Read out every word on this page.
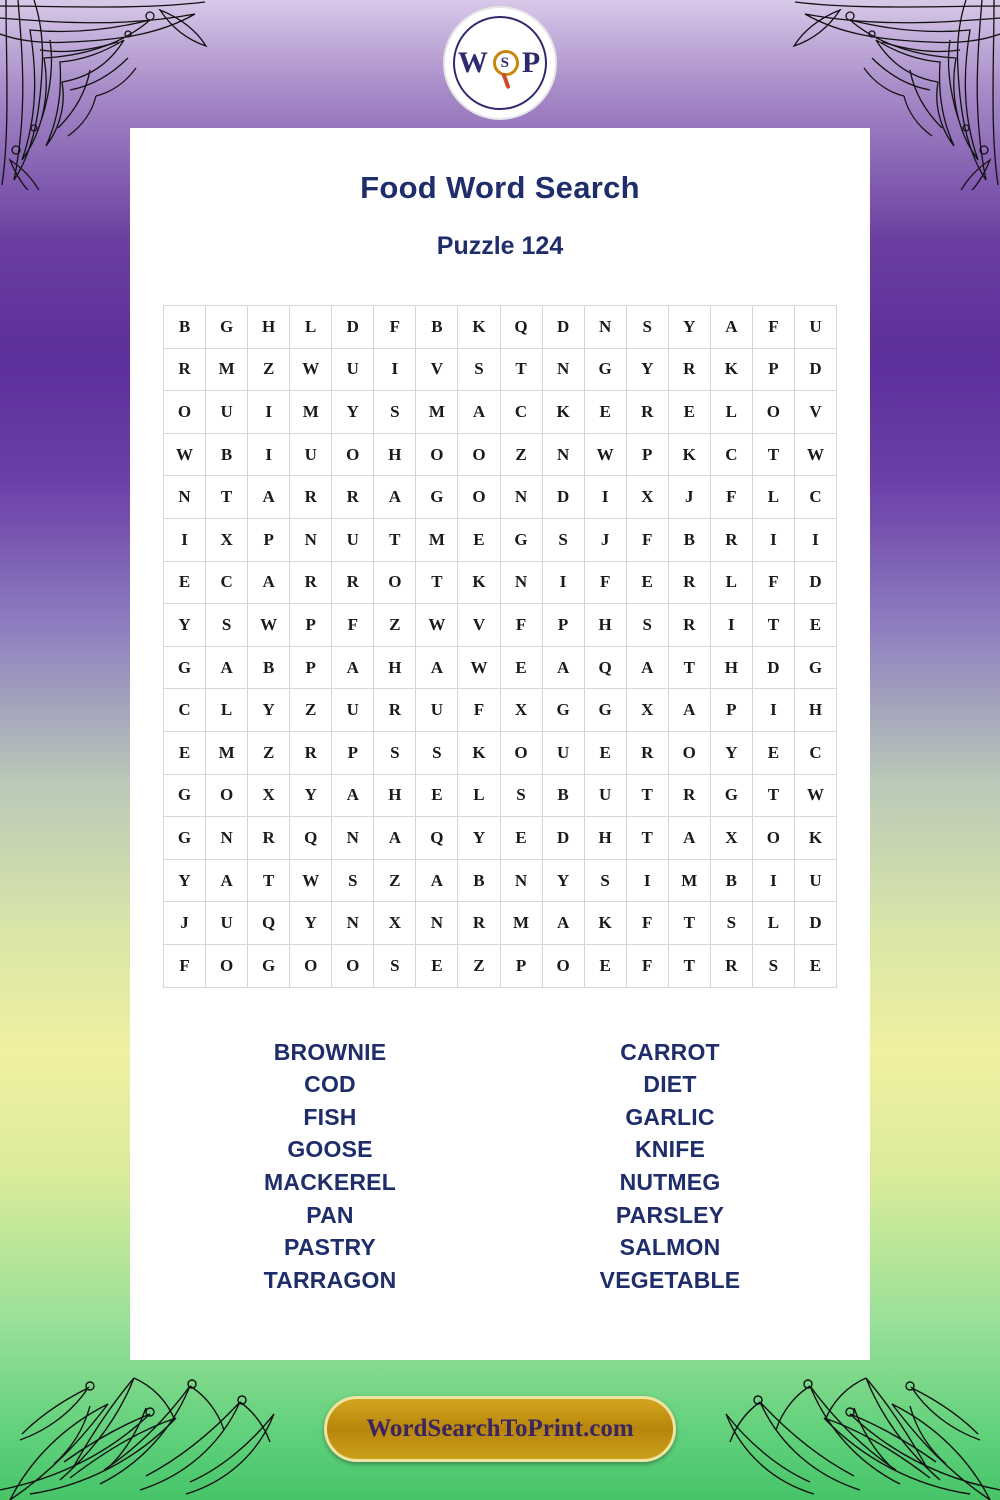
W S P
Food Word Search
Puzzle 124
B	G	H	L	D	F	B	K	Q	D	N	S	Y	A	F	U
R	M	Z	W	U	I	V	S	T	N	G	Y	R	K	P	D
O	U	I	M	Y	S	M	A	C	K	E	R	E	L	O	V
W	B	I	U	O	H	O	O	Z	N	W	P	K	C	T	W
N	T	A	R	R	A	G	O	N	D	I	X	J	F	L	C
I	X	P	N	U	T	M	E	G	S	J	F	B	R	I	I
E	C	A	R	R	O	T	K	N	I	F	E	R	L	F	D
Y	S	W	P	F	Z	W	V	F	P	H	S	R	I	T	E
G	A	B	P	A	H	A	W	E	A	Q	A	T	H	D	G
C	L	Y	Z	U	R	U	F	X	G	G	X	A	P	I	H
E	M	Z	R	P	S	S	K	O	U	E	R	O	Y	E	C
G	O	X	Y	A	H	E	L	S	B	U	T	R	G	T	W
G	N	R	Q	N	A	Q	Y	E	D	H	T	A	X	O	K
Y	A	T	W	S	Z	A	B	N	Y	S	I	M	B	I	U
J	U	Q	Y	N	X	N	R	M	A	K	F	T	S	L	D
F	O	G	O	O	S	E	Z	P	O	E	F	T	R	S	E
BROWNIE
COD
FISH
GOOSE
MACKEREL
PAN
PASTRY
TARRAGON
CARROT
DIET
GARLIC
KNIFE
NUTMEG
PARSLEY
SALMON
VEGETABLE
WordSearchToPrint.com
